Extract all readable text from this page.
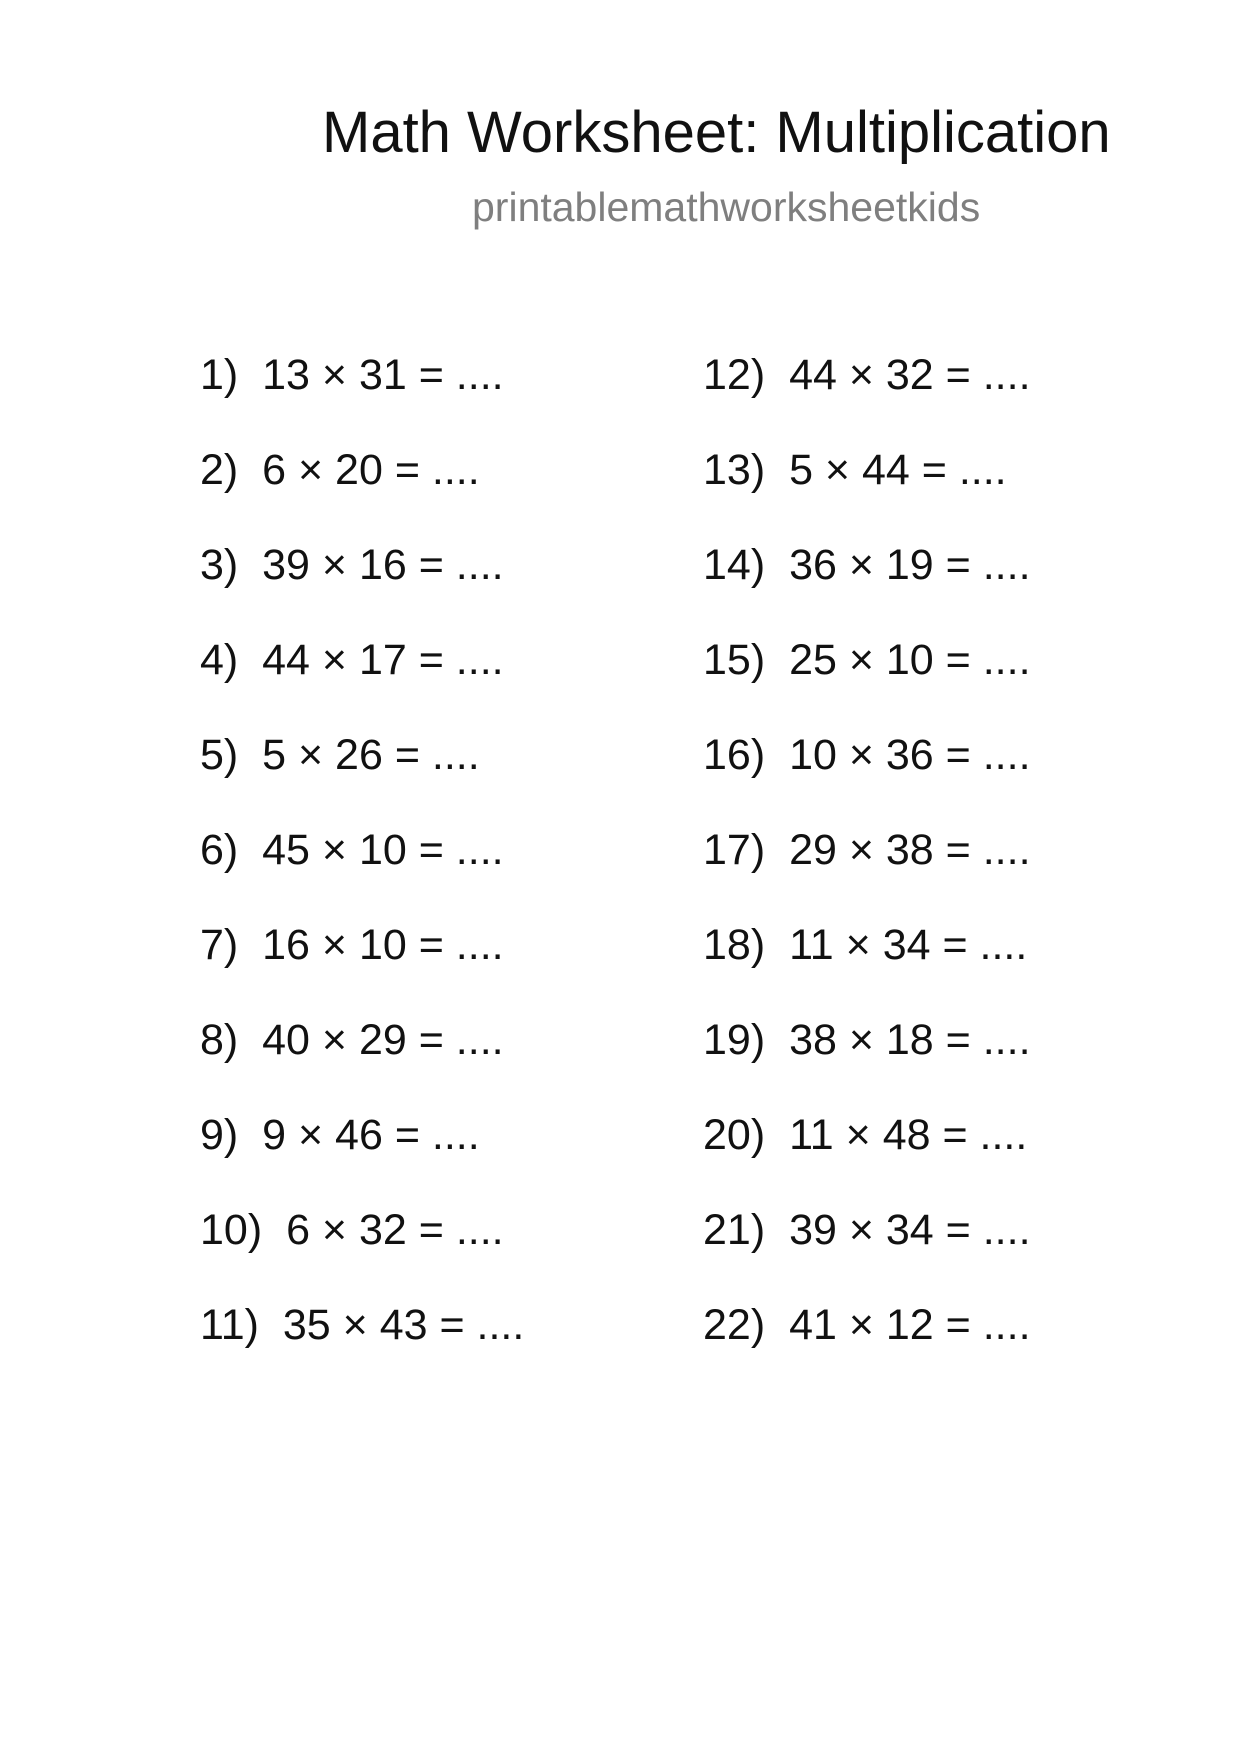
Math Worksheet: Multiplication
printablemathworksheetkids
1) 13 × 31 = ....
2) 6 × 20 = ....
3) 39 × 16 = ....
4) 44 × 17 = ....
5) 5 × 26 = ....
6) 45 × 10 = ....
7) 16 × 10 = ....
8) 40 × 29 = ....
9) 9 × 46 = ....
10) 6 × 32 = ....
11) 35 × 43 = ....
12) 44 × 32 = ....
13) 5 × 44 = ....
14) 36 × 19 = ....
15) 25 × 10 = ....
16) 10 × 36 = ....
17) 29 × 38 = ....
18) 11 × 34 = ....
19) 38 × 18 = ....
20) 11 × 48 = ....
21) 39 × 34 = ....
22) 41 × 12 = ....
